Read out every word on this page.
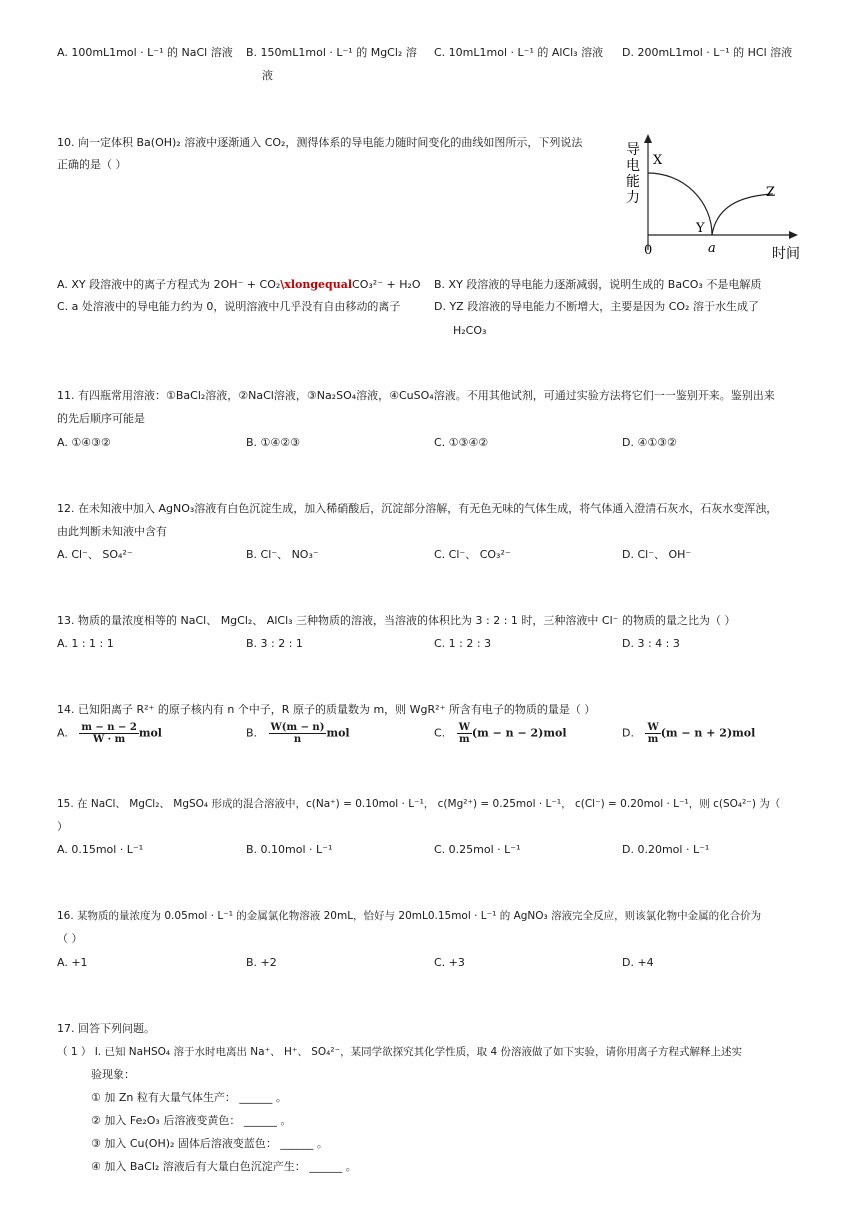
A. 100mL1mol · L⁻¹ 的 NaCl 溶液 B. 150mL1mol · L⁻¹ 的 MgCl₂ 溶
液
C. 10mL1mol · L⁻¹ 的 AlCl₃ 溶液 D. 200mL1mol · L⁻¹ 的 HCl 溶液
10. 向一定体积 Ba(OH)₂ 溶液中逐渐通入 CO₂，测得体系的导电能力随时间变化的曲线如图所示，下列说法
正确的是（ ）
导
电
能
力
X
Y
Z
0	a	时间
A. XY 段溶液中的离子方程式为 2OH⁻ + CO₂\xlongequalCO₃²⁻ + H₂O B. XY 段溶液的导电能力逐渐减弱，说明生成的 BaCO₃ 不是电解质
C. a 处溶液中的导电能力约为 0，说明溶液中几乎没有自由移动的离子	D. YZ 段溶液的导电能力不断增大，主要是因为 CO₂ 溶于水生成了
H₂CO₃
11. 有四瓶常用溶液：①BaCl₂溶液，②NaCl溶液，③Na₂SO₄溶液，④CuSO₄溶液。不用其他试剂，可通过实验方法将它们一一鉴别开来。鉴别出来
的先后顺序可能是
A. ①④③②	B. ①④②③	C. ①③④②	D. ④①③②
12. 在未知液中加入 AgNO₃溶液有白色沉淀生成，加入稀硝酸后，沉淀部分溶解，有无色无味的气体生成，将气体通入澄清石灰水，石灰水变浑浊，
由此判断未知液中含有
A. Cl⁻、 SO₄²⁻	B. Cl⁻、 NO₃⁻	C. Cl⁻、 CO₃²⁻	D. Cl⁻、 OH⁻
13. 物质的量浓度相等的 NaCl、 MgCl₂、 AlCl₃ 三种物质的溶液，当溶液的体积比为 3 : 2 : 1 时，三种溶液中 Cl⁻ 的物质的量之比为（ ）
A. 1 : 1 : 1	B. 3 : 2 : 1	C. 1 : 2 : 3	D. 3 : 4 : 3
14. 已知阳离子 R²⁺ 的原子核内有 n 个中子，R 原子的质量数为 m，则 WgR²⁺ 所含有电子的物质的量是（ ）
A. $\frac{m - n - 2}{W \cdot m}$ mol	B. $\frac{W(m - n)}{n}$ mol	C. $\frac{W}{m} (m - n - 2)mol$	D. $\frac{W}{m} (m - n + 2)mol$
15. 在 NaCl、 MgCl₂、 MgSO₄ 形成的混合溶液中，c(Na⁺) = 0.10mol · L⁻¹， c(Mg²⁺) = 0.25mol · L⁻¹， c(Cl⁻) = 0.20mol · L⁻¹，则 c(SO₄²⁻) 为（
）
A. 0.15mol · L⁻¹	B. 0.10mol · L⁻¹	C. 0.25mol · L⁻¹	D. 0.20mol · L⁻¹
16. 某物质的量浓度为 0.05mol · L⁻¹ 的金属氯化物溶液 20mL，恰好与 20mL0.15mol · L⁻¹ 的 AgNO₃ 溶液完全反应，则该氯化物中金属的化合价为
（ ）
A. +1	B. +2	C. +3	D. +4
17. 回答下列问题。
（ 1 ） Ⅰ. 已知 NaHSO₄ 溶于水时电离出 Na⁺、 H⁺、 SO₄²⁻，某同学欲探究其化学性质，取 4 份溶液做了如下实验，请你用离子方程式解释上述实
验现象：
① 加 Zn 粒有大量气体生产： ______ 。
② 加入 Fe₂O₃ 后溶液变黄色： ______ 。
③ 加入 Cu(OH)₂ 固体后溶液变蓝色： ______ 。
④ 加入 BaCl₂ 溶液后有大量白色沉淀产生： ______ 。
